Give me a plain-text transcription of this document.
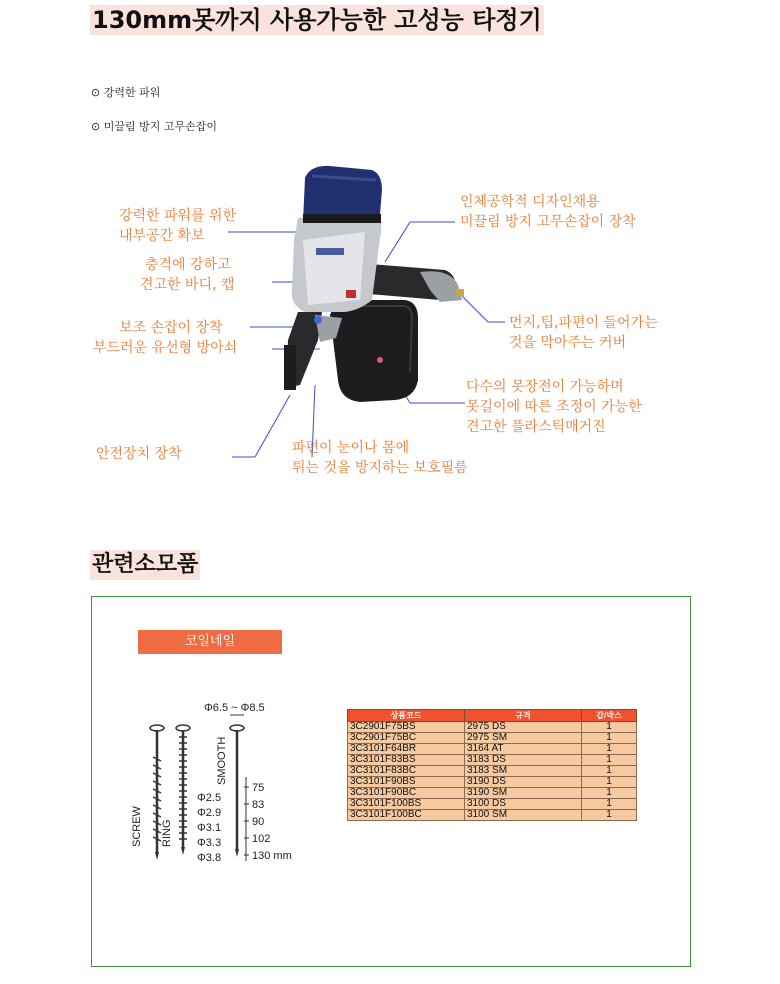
130mm못까지 사용가능한 고성능 타정기
⊙ 강력한 파워
⊙ 미끌림 방지 고무손잡이
강력한 파워를 위한
내부공간 확보
충격에 강하고
견고한 바디, 캡
보조 손잡이 장착
부드러운 유선형 방아쇠
안전장치 장착
인체공학적 디자인채용
미끌림 방지 고무손잡이 장착
먼지,팁,파편이 들어가는
것을 막아주는 커버
다수의 못장전이 가능하며
못길이에 따른 조정이 가능한
견고한 플라스틱매거진
파편이 눈이나 몸에
튀는 것을 방지하는 보호필름
관련소모품
코일네일
Φ6.5 ~ Φ8.5
SCREW RING
SMOOTH
Φ2.5
Φ2.9
Φ3.1
Φ3.3
Φ3.8
75
83
90
102
130 mm
상품코드	규격	갑/박스
3C2901F75BS	2975 DS	1
3C2901F75BC	2975 SM	1
3C3101F64BR	3164 AT	1
3C3101F83BS	3183 DS	1
3C3101F83BC	3183 SM	1
3C3101F90BS	3190 DS	1
3C3101F90BC	3190 SM	1
3C3101F100BS	3100 DS	1
3C3101F100BC	3100 SM	1
